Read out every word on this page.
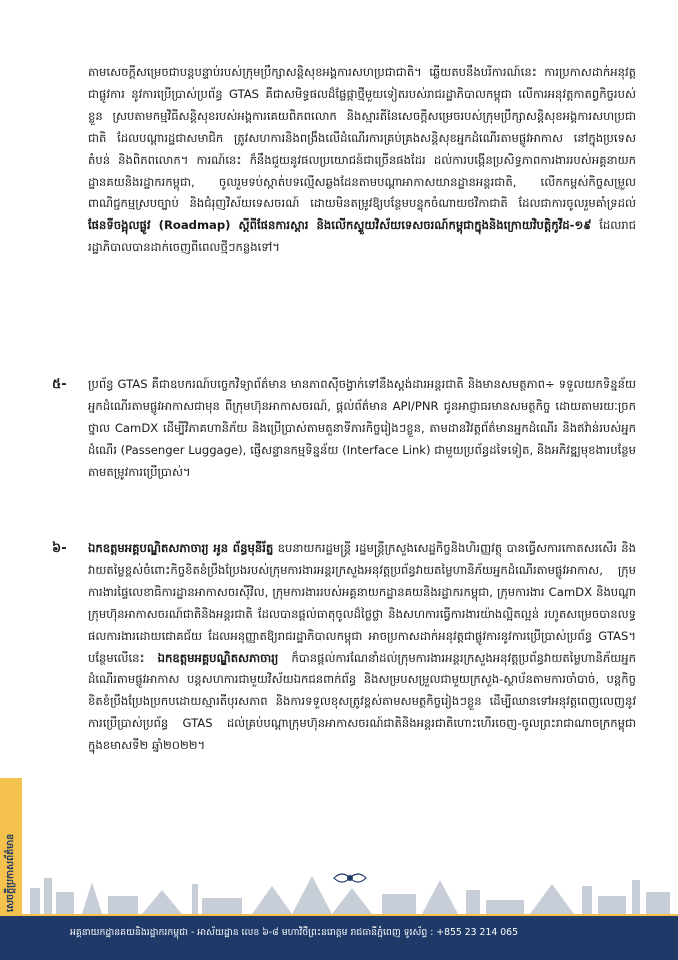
តាមសេចក្តីសម្រេចជាបន្តបន្ទាប់របស់ក្រុមប្រឹក្សាសន្តិសុខអង្គការសហប្រជាជាតិ។ ឆ្លើយតបនឹងបរិការណ៍នេះ ការប្រកាសដាក់អនុវត្តជាផ្លូវការ នូវការប្រើប្រាស់ប្រព័ន្ធ GTAS គឺជាសមិទ្ធផលដ៏ផ្លែផ្កាថ្មីមួយទៀតរបស់រាជរដ្ឋាភិបាលកម្ពុជា លើការអនុវត្តកាតព្វកិច្ចរបស់ខ្លួន ស្របតាមកម្មវិធីសន្តិសុខរបស់អង្គការគេយពិភពលោក និងស្មារតីនៃសេចក្តីសម្រេចរបស់ក្រុមប្រឹក្សាសន្តិសុខអង្គការសហប្រជាជាតិ ដែលបណ្តារដ្ឋជាសមាជិក ត្រូវសហការនិងពង្រឹងលើដំណើរការគ្រប់គ្រងសន្តិសុខអ្នកដំណើរតាមផ្លូវអាកាស នៅក្នុងប្រទេស តំបន់ និងពិភពលោក។ ការណ៍នេះ ក៏នឹងជួយនូវផលប្រយោជន៍ជាច្រើនផងដែរ ដល់ការបង្កើនប្រសិទ្ធភាពការងាររបស់អគ្គនាយកដ្ឋានគយនិងរដ្ឋាករកម្ពុជា, ចូលរួមទប់ស្កាត់បទល្មើសឆ្លងដែនតាមបណ្តាអាកាសយានដ្ឋានអន្តរជាតិ, លើកកម្ពស់កិច្ចសម្រួលពាណិជ្ជកម្មស្របច្បាប់ និងជំរុញវិស័យទេសចរណ៍ ដោយមិនតម្រូវឱ្យបន្ថែមបន្ទុកចំណាយថវិកាជាតិ ដែលជាការចូលរួមគាំទ្រដល់ ផែនទីចង្អុលផ្លូវ (Roadmap) ស្តីពីផែនការស្តារ និងលើកស្ទួយវិស័យទេសចរណ៍កម្ពុជាក្នុងនិងក្រោយវិបត្តិកូវីដ-១៩ ដែលរាជរដ្ឋាភិបាលបានដាក់ចេញពីពេលថ្មីៗកន្លងទៅ។
៥- ប្រព័ន្ធ GTAS គឺជាឧបករណ៍បច្ចេកវិទ្យាព័ត៌មាន មានភាពស៊ីចង្វាក់ទៅនឹងស្តង់ដារអន្តរជាតិ និងមានសមត្ថភាព÷ ទទួលយកទិន្នន័យអ្នកដំណើរតាមផ្លូវអាកាសជាមុន ពីក្រុមហ៊ុនអាកាសចរណ៍, ផ្តល់ព័ត៌មាន API/PNR ជូនអាជ្ញាធរមានសមត្ថកិច្ច ដោយតាមរយៈច្រកថ្នាល CamDX ដើម្បីវិភាគហានិភ័យ និងប្រើប្រាស់តាមតួនាទីភារកិច្ចរៀងៗខ្លួន, តាមដានវិវត្តព័ត៌មានអ្នកដំណើរ និងឥវ៉ាន់របស់អ្នកដំណើរ (Passenger Luggage), ផ្ញើសន្ទានកម្មទិន្នន័យ (Interface Link) ជាមួយប្រព័ន្ធដទៃទៀត, និងអភិវឌ្ឍមុខងារបន្ថែមតាមតម្រូវការប្រើប្រាស់។
៦- ឯកឧត្តមអគ្គបណ្ឌិតសភាចារ្យ អូន ព័ន្ធមុនីរ័ត្ន ឧបនាយករដ្ឋមន្ត្រី រដ្ឋមន្ត្រីក្រសួងសេដ្ឋកិច្ចនិងហិរញ្ញវត្ថុ បានធ្វើសការកោតសរសើរ និងវាយតម្លៃខ្ពស់ចំពោះកិច្ចខិតខំប្រឹងប្រែងរបស់ក្រុមការងារអន្តរក្រសួងអនុវត្តប្រព័ន្ធវាយតម្លៃហានិភ័យអ្នកដំណើរតាមផ្លូវអាកាស, ក្រុមការងារផ្ទៃលេខាធិការដ្ឋានអាកាសចរស៊ីវិល, ក្រុមការងាររបស់អគ្គនាយកដ្ឋានគយនិងរដ្ឋាករកម្ពុជា, ក្រុមការងារ CamDX និងបណ្តាក្រុមហ៊ុនអាកាសចរណ៍ជាតិនិងអន្តរជាតិ ដែលបានផ្តល់ធាតុចូលដ៏ថ្លៃថ្លា និងសហការធ្វើការងារយ៉ាងល្អិតល្អន់ រហូតសម្រេចបានលទ្ធផលការងារដោយជោគជ័យ ដែលអនុញ្ញាតឱ្យរាជរដ្ឋាភិបាលកម្ពុជា អាចប្រកាសដាក់អនុវត្តជាផ្លូវការនូវការប្រើប្រាស់ប្រព័ន្ធ GTAS។ បន្ថែមលើនេះ ឯកឧត្តមអគ្គបណ្ឌិតសភាចារ្យ ក៏បានផ្តល់ការណែនាំដល់ក្រុមការងារអន្តរក្រសួងអនុវត្តប្រព័ន្ធវាយតម្លៃហានិភ័យអ្នកដំណើរតាមផ្លូវអាកាស បន្តសហការជាមួយវិស័យឯកជនពាក់ព័ន្ធ និងសម្របសម្រួលជាមួយក្រសួង-ស្ថាប័នតាមការចាំបាច់, បន្តកិច្ចខិតខំប្រឹងប្រែងប្រកបដោយស្មារតីបុរសភាព និងការទទួលខុសត្រូវខ្ពស់តាមសមត្ថកិច្ចរៀងៗខ្លួន ដើម្បីឈានទៅអនុវត្តពេញលេញនូវការប្រើប្រាស់ប្រព័ន្ធ GTAS ដល់គ្រប់បណ្តាក្រុមហ៊ុនអាកាសចរណ៍ជាតិនិងអន្តរជាតិហោះហើរចេញ-ចូលព្រះរាជាណាចក្រកម្ពុជា ក្នុងខមាសទី២ ឆ្នាំ២០២២។
សេចក្តីប្រកាសព័ត៌មាន
អគ្គនាយកដ្ឋានគយនិងរដ្ឋាករកម្ពុជា - អាស័យដ្ឋាន លេខ ៦-៨ មហាវិថីព្រះនរោត្តម រាជធានីភ្នំពេញ ទូរស័ព្ទ : +855 23 214 065
